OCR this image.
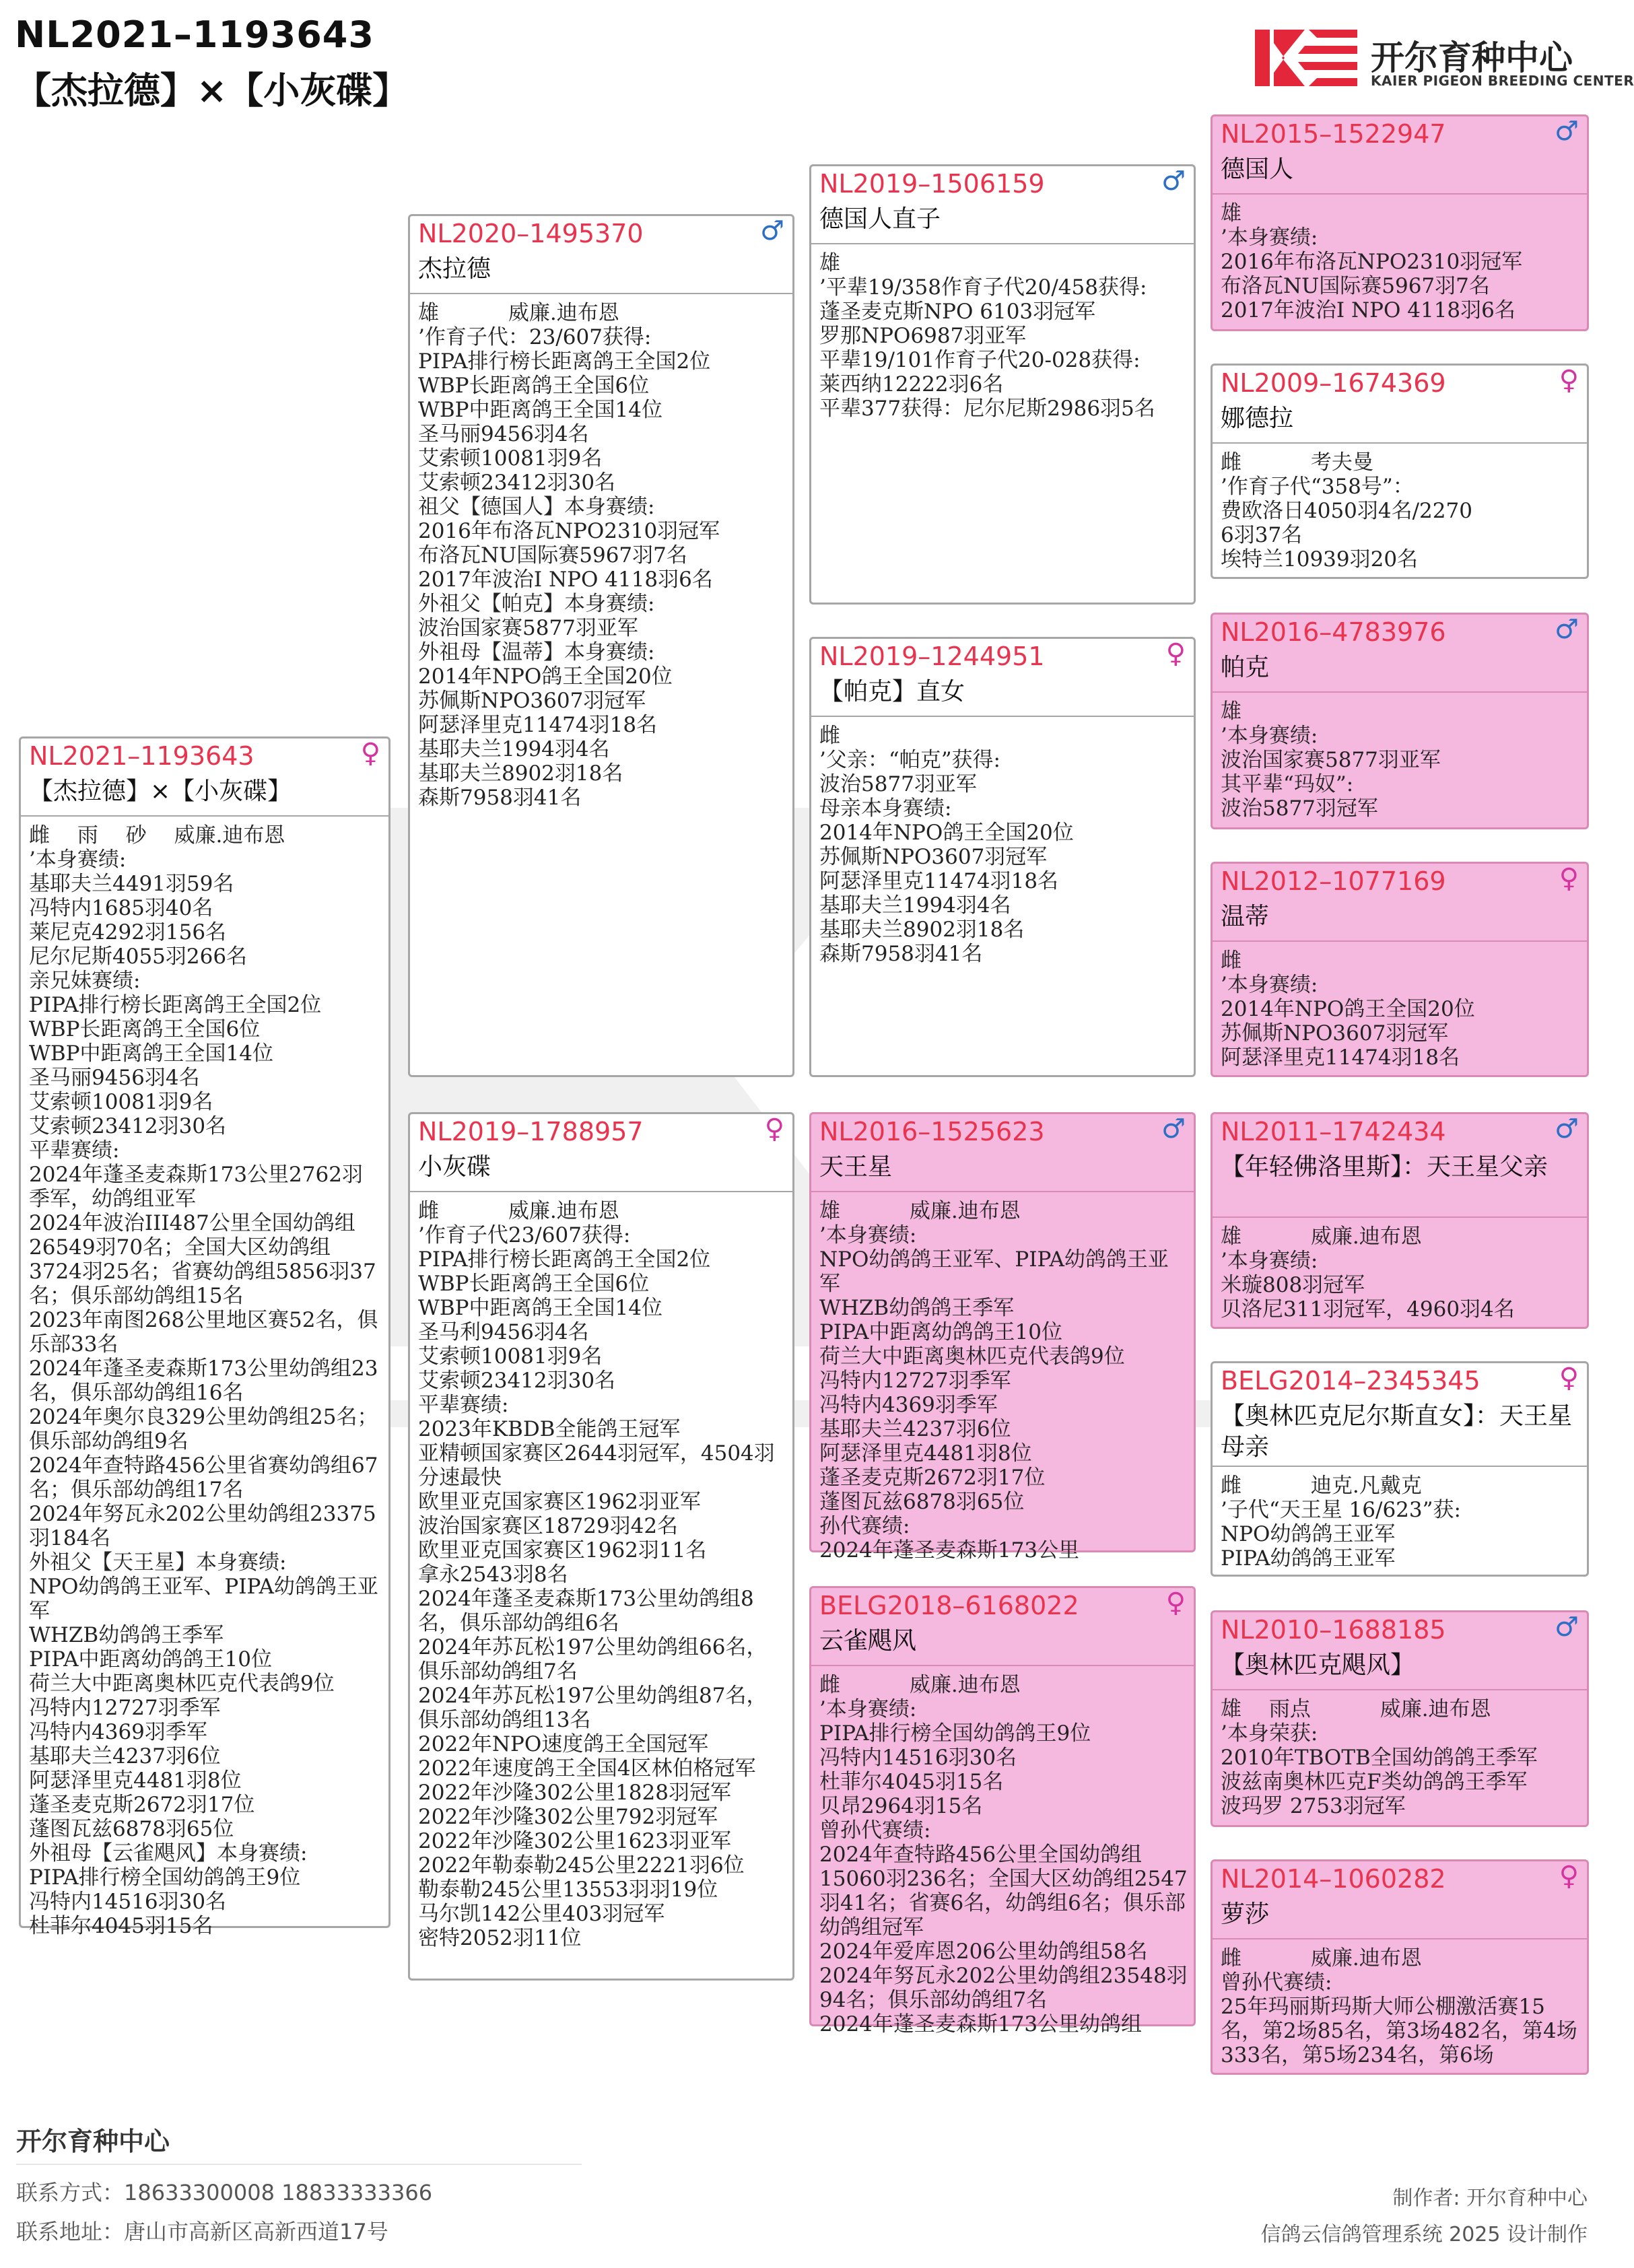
NL2021–1193643
【杰拉德】×【小灰碟】
开尔育种中心
KAIER PIGEON BREEDING CENTER
NL2021–1193643	♀
【杰拉德】×【小灰碟】
雌　 雨　 砂　 威廉.迪布恩
’本身赛绩:
基耶夫兰4491羽59名
冯特内1685羽40名
莱尼克4292羽156名
尼尔尼斯4055羽266名
亲兄妹赛绩:
PIPA排行榜长距离鸽王全国2位
WBP长距离鸽王全国6位
WBP中距离鸽王全国14位
圣马丽9456羽4名
艾索顿10081羽9名
艾索顿23412羽30名
平辈赛绩:
2024年蓬圣麦森斯173公里2762羽季军，幼鸽组亚军
2024年波治III487公里全国幼鸽组26549羽70名；全国大区幼鸽组3724羽25名；省赛幼鸽组5856羽37名；俱乐部幼鸽组15名
2023年南图268公里地区赛52名，俱乐部33名
2024年蓬圣麦森斯173公里幼鸽组23名，俱乐部幼鸽组16名
2024年奥尔良329公里幼鸽组25名；俱乐部幼鸽组9名
2024年查特路456公里省赛幼鸽组67名；俱乐部幼鸽组17名
2024年努瓦永202公里幼鸽组23375羽184名
外祖父【天王星】本身赛绩:
NPO幼鸽鸽王亚军、PIPA幼鸽鸽王亚军
WHZB幼鸽鸽王季军
PIPA中距离幼鸽鸽王10位
荷兰大中距离奥林匹克代表鸽9位
冯特内12727羽季军
冯特内4369羽季军
基耶夫兰4237羽6位
阿瑟泽里克4481羽8位
蓬圣麦克斯2672羽17位
蓬图瓦兹6878羽65位
外祖母【云雀飓风】本身赛绩:
PIPA排行榜全国幼鸽鸽王9位
冯特内14516羽30名
杜菲尔4045羽15名
NL2020–1495370	♂
杰拉德
雄　　　 威廉.迪布恩
’作育子代：23/607获得:
PIPA排行榜长距离鸽王全国2位
WBP长距离鸽王全国6位
WBP中距离鸽王全国14位
圣马丽9456羽4名
艾索顿10081羽9名
艾索顿23412羽30名
祖父【德国人】本身赛绩:
2016年布洛瓦NPO2310羽冠军
布洛瓦NU国际赛5967羽7名
2017年波治I NPO 4118羽6名
外祖父【帕克】本身赛绩:
波治国家赛5877羽亚军
外祖母【温蒂】本身赛绩:
2014年NPO鸽王全国20位
苏佩斯NPO3607羽冠军
阿瑟泽里克11474羽18名
基耶夫兰1994羽4名
基耶夫兰8902羽18名
森斯7958羽41名
NL2019–1788957	♀
小灰碟
雌　　　 威廉.迪布恩
’作育子代23/607获得:
PIPA排行榜长距离鸽王全国2位
WBP长距离鸽王全国6位
WBP中距离鸽王全国14位
圣马利9456羽4名
艾索顿10081羽9名
艾索顿23412羽30名
平辈赛绩:
2023年KBDB全能鸽王冠军
亚精顿国家赛区2644羽冠军，4504羽分速最快
欧里亚克国家赛区1962羽亚军
波治国家赛区18729羽42名
欧里亚克国家赛区1962羽11名
拿永2543羽8名
2024年蓬圣麦森斯173公里幼鸽组8名，俱乐部幼鸽组6名
2024年苏瓦松197公里幼鸽组66名，俱乐部幼鸽组7名
2024年苏瓦松197公里幼鸽组87名，俱乐部幼鸽组13名
2022年NPO速度鸽王全国冠军
2022年速度鸽王全国4区林伯格冠军
2022年沙隆302公里1828羽冠军
2022年沙隆302公里792羽冠军
2022年沙隆302公里1623羽亚军
2022年勒泰勒245公里2221羽6位
勒泰勒245公里13553羽羽19位
马尔凯142公里403羽冠军
密特2052羽11位
NL2019–1506159	♂
德国人直子
雄
’平辈19/358作育子代20/458获得:
蓬圣麦克斯NPO 6103羽冠军
罗那NPO6987羽亚军
平辈19/101作育子代20-028获得:
莱西纳12222羽6名
平辈377获得：尼尔尼斯2986羽5名
NL2019–1244951	♀
【帕克】直女
雌
’父亲：“帕克”获得:
波治5877羽亚军
母亲本身赛绩:
2014年NPO鸽王全国20位
苏佩斯NPO3607羽冠军
阿瑟泽里克11474羽18名
基耶夫兰1994羽4名
基耶夫兰8902羽18名
森斯7958羽41名
NL2016–1525623	♂
天王星
雄　　　 威廉.迪布恩
’本身赛绩:
NPO幼鸽鸽王亚军、PIPA幼鸽鸽王亚军
WHZB幼鸽鸽王季军
PIPA中距离幼鸽鸽王10位
荷兰大中距离奥林匹克代表鸽9位
冯特内12727羽季军
冯特内4369羽季军
基耶夫兰4237羽6位
阿瑟泽里克4481羽8位
蓬圣麦克斯2672羽17位
蓬图瓦兹6878羽65位
孙代赛绩:
2024年蓬圣麦森斯173公里
BELG2018–6168022	♀
云雀飓风
雌　　　 威廉.迪布恩
’本身赛绩:
PIPA排行榜全国幼鸽鸽王9位
冯特内14516羽30名
杜菲尔4045羽15名
贝昂2964羽15名
曾孙代赛绩:
2024年查特路456公里全国幼鸽组15060羽236名；全国大区幼鸽组2547羽41名；省赛6名，幼鸽组6名；俱乐部幼鸽组冠军
2024年爱库恩206公里幼鸽组58名
2024年努瓦永202公里幼鸽组23548羽94名；俱乐部幼鸽组7名
2024年蓬圣麦森斯173公里幼鸽组
NL2015–1522947	♂
德国人
雄
’本身赛绩:
2016年布洛瓦NPO2310羽冠军
布洛瓦NU国际赛5967羽7名
2017年波治I NPO 4118羽6名
NL2009–1674369	♀
娜德拉
雌　　　 考夫曼
’作育子代“358号”：
费欧洛日4050羽4名/2270
6羽37名
埃特兰10939羽20名
NL2016–4783976	♂
帕克
雄
’本身赛绩:
波治国家赛5877羽亚军
其平辈“玛奴”:
波治5877羽冠军
NL2012–1077169	♀
温蒂
雌
’本身赛绩:
2014年NPO鸽王全国20位
苏佩斯NPO3607羽冠军
阿瑟泽里克11474羽18名
NL2011–1742434	♂
【年轻佛洛里斯】：天王星父亲
雄　　　 威廉.迪布恩
’本身赛绩:
米璇808羽冠军
贝洛尼311羽冠军，4960羽4名
BELG2014–2345345	♀
【奥林匹克尼尔斯直女】：天王星母亲
雌　　　 迪克.凡戴克
’子代“天王星 16/623”获:
NPO幼鸽鸽王亚军
PIPA幼鸽鸽王亚军
NL2010–1688185	♂
【奥林匹克飓风】
雄　 雨点　　　 威廉.迪布恩
’本身荣获:
2010年TBOTB全国幼鸽鸽王季军
波兹南奥林匹克F类幼鸽鸽王季军
波玛罗 2753羽冠军
NL2014–1060282	♀
萝莎
雌　　　 威廉.迪布恩
曾孙代赛绩:
25年玛丽斯玛斯大师公棚激活赛15名，第2场85名，第3场482名，第4场333名，第5场234名，第6场
开尔育种中心
联系方式：18633300008 18833333366
联系地址：唐山市高新区高新西道17号
制作者: 开尔育种中心
信鸽云信鸽管理系统 2025 设计制作
